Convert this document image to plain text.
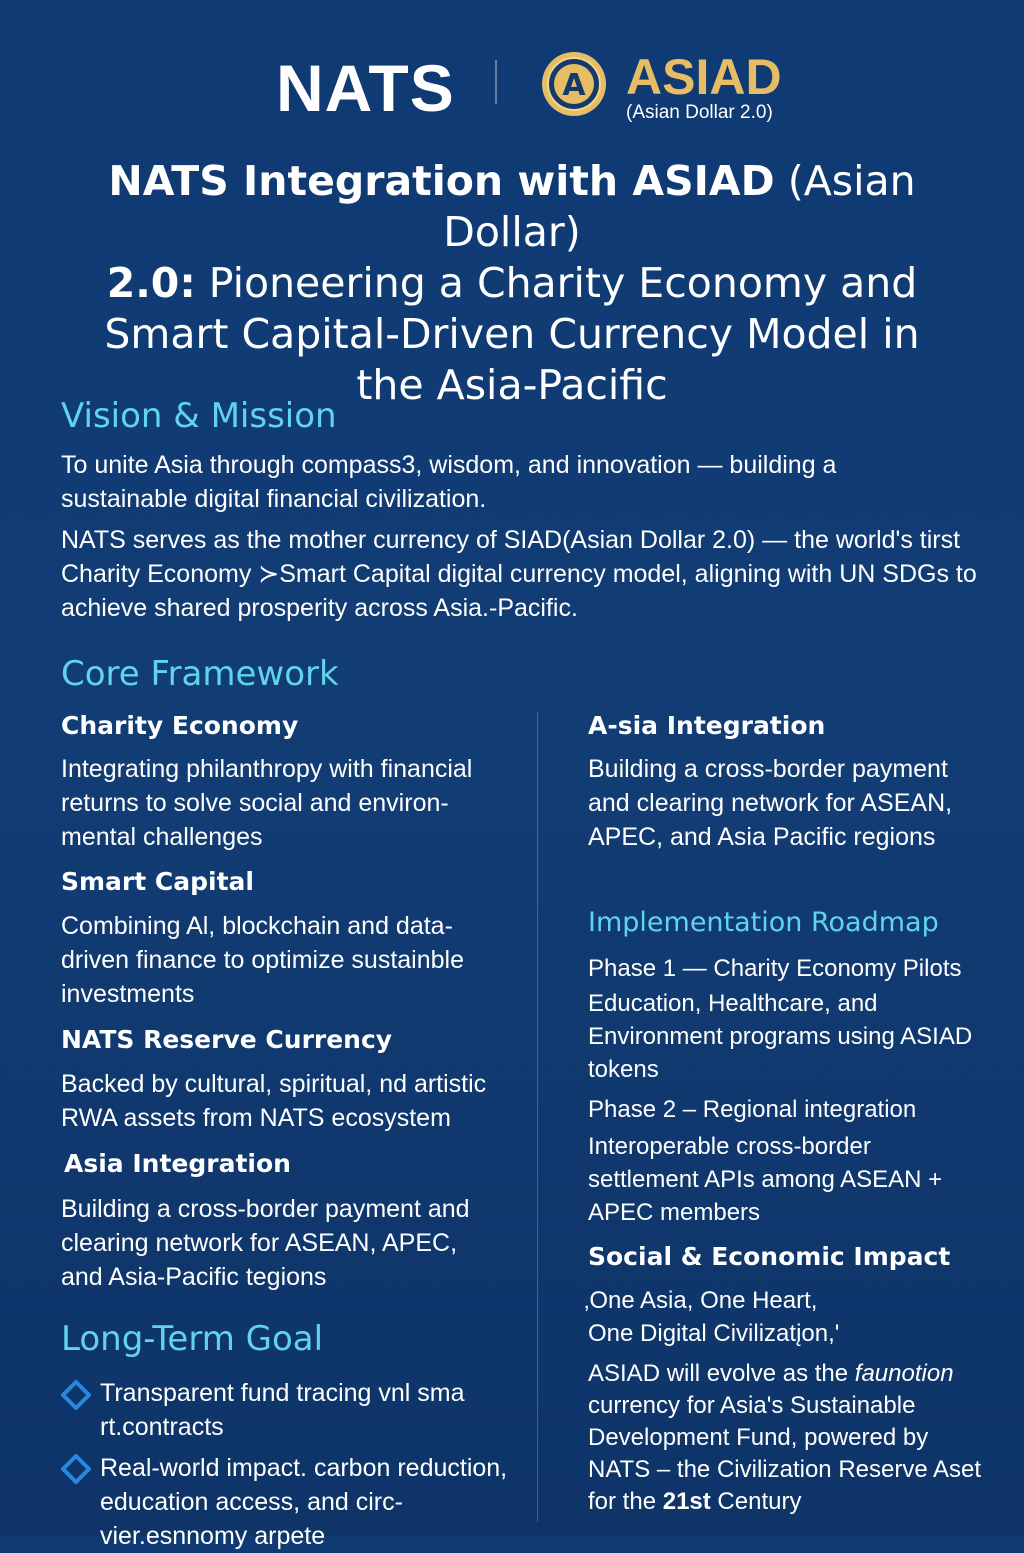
NATS	A ASIAD
(Asian Dollar 2.0)
NATS Integration with ASIAD (Asian Dollar)
2.0: Pioneering a Charity Economy and
Smart Capital-Driven Currency Model in
the Asia-Pacific
Vision & Mission

To unite Asia through compass3, wisdom, and innovation — building a sustainable digital financial civilization.

NATS serves as the mother currency of SIAD(Asian Dollar 2.0) — the world's tirst Charity Economy ≻Smart Capital digital currency model, aligning with UN SDGs to achieve shared prosperity across Asia.-Pacific.

Core Framework
Charity Economy

Integrating philanthropy with financial returns to solve social and environ-mental challenges

Smart Capital

Combining Al, blockchain and data-driven finance to optimize sustainble investments

NATS Reserve Currency

Backed by cultural, spiritual, nd artistic RWA assets from NATS ecosystem

Asia Integration

Building a cross-border payment and clearing network for ASEAN, APEC, and Asia-Pacific tegions

Long-Term Goal

Transparent fund tracing vnl sma rt.contracts

Real-world impact. carbon reduction, education access, and circ-vier.esnnomy arpete

A-sia Integration

Building a cross-border payment and clearing network for ASEAN, APEC, and Asia Pacific regions

Implementation Roadmap

Phase 1 — Charity Economy Pilots

Education, Healthcare, and Environment programs using ASIAD tokens

Phase 2 – Regional integration

Interoperable cross-border settlement APIs among ASEAN + APEC members

Social & Economic Impact

‚One Asia, One Heart,

One Digital Civilizatįon,'

ASIAD will evolve as the faunotion currency for Asia's Sustainable Development Fund, powered by NATS – the Civilization Reserve Aset for the 21st Century
